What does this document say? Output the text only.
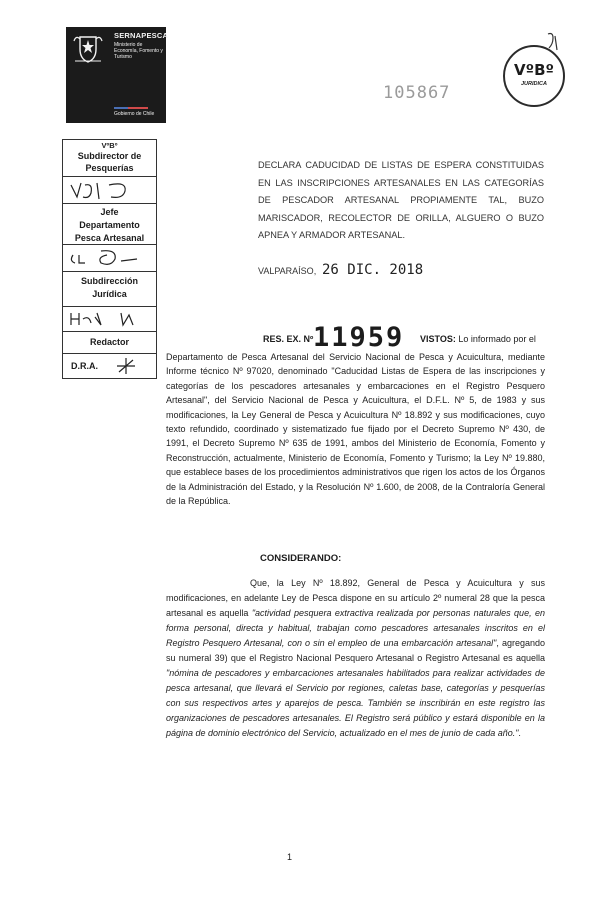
SERNAPESCA
Ministerio de Economía, Fomento y Turismo
Gobierno de Chile
VºBº
JURIDICA
105867
VºBº
Subdirector de Pesquerías
Jefe Departamento Pesca Artesanal
Subdirección Jurídica
Redactor
D.R.A.
DECLARA CADUCIDAD DE LISTAS DE ESPERA CONSTITUIDAS EN LAS INSCRIPCIONES ARTESANALES EN LAS CATEGORÍAS DE PESCADOR ARTESANAL PROPIAMENTE TAL, BUZO MARISCADOR, RECOLECTOR DE ORILLA, ALGUERO O BUZO APNEA Y ARMADOR ARTESANAL.
VALPARAÍSO, 26 DIC. 2018
RES. EX. Nº 11959 VISTOS: Lo informado por el
Departamento de Pesca Artesanal del Servicio Nacional de Pesca y Acuicultura, mediante Informe técnico Nº 97020, denominado "Caducidad Listas de Espera de las inscripciones y categorías de los pescadores artesanales y embarcaciones en el Registro Pesquero Artesanal", del Servicio Nacional de Pesca y Acuicultura, el D.F.L. Nº 5, de 1983 y sus modificaciones, la Ley General de Pesca y Acuicultura Nº 18.892 y sus modificaciones, cuyo texto refundido, coordinado y sistematizado fue fijado por el Decreto Supremo Nº 430, de 1991, el Decreto Supremo Nº 635 de 1991, ambos del Ministerio de Economía, Fomento y Reconstrucción, actualmente, Ministerio de Economía, Fomento y Turismo; la Ley Nº 19.880, que establece bases de los procedimientos administrativos que rigen los actos de los Órganos de la Administración del Estado, y la Resolución Nº 1.600, de 2008, de la Contraloría General de la República.
CONSIDERANDO:
Que, la Ley Nº 18.892, General de Pesca y Acuicultura y sus modificaciones, en adelante Ley de Pesca dispone en su artículo 2º numeral 28 que la pesca artesanal es aquella "actividad pesquera extractiva realizada por personas naturales que, en forma personal, directa y habitual, trabajan como pescadores artesanales inscritos en el Registro Pesquero Artesanal, con o sin el empleo de una embarcación artesanal", agregando su numeral 39) que el Registro Nacional Pesquero Artesanal o Registro Artesanal es aquella "nómina de pescadores y embarcaciones artesanales habilitados para realizar actividades de pesca artesanal, que llevará el Servicio por regiones, caletas base, categorías y pesquerías con sus respectivos artes y aparejos de pesca. También se inscribirán en este registro las organizaciones de pescadores artesanales. El Registro será público y estará disponible en la página de dominio electrónico del Servicio, actualizado en el mes de junio de cada año.".
1
